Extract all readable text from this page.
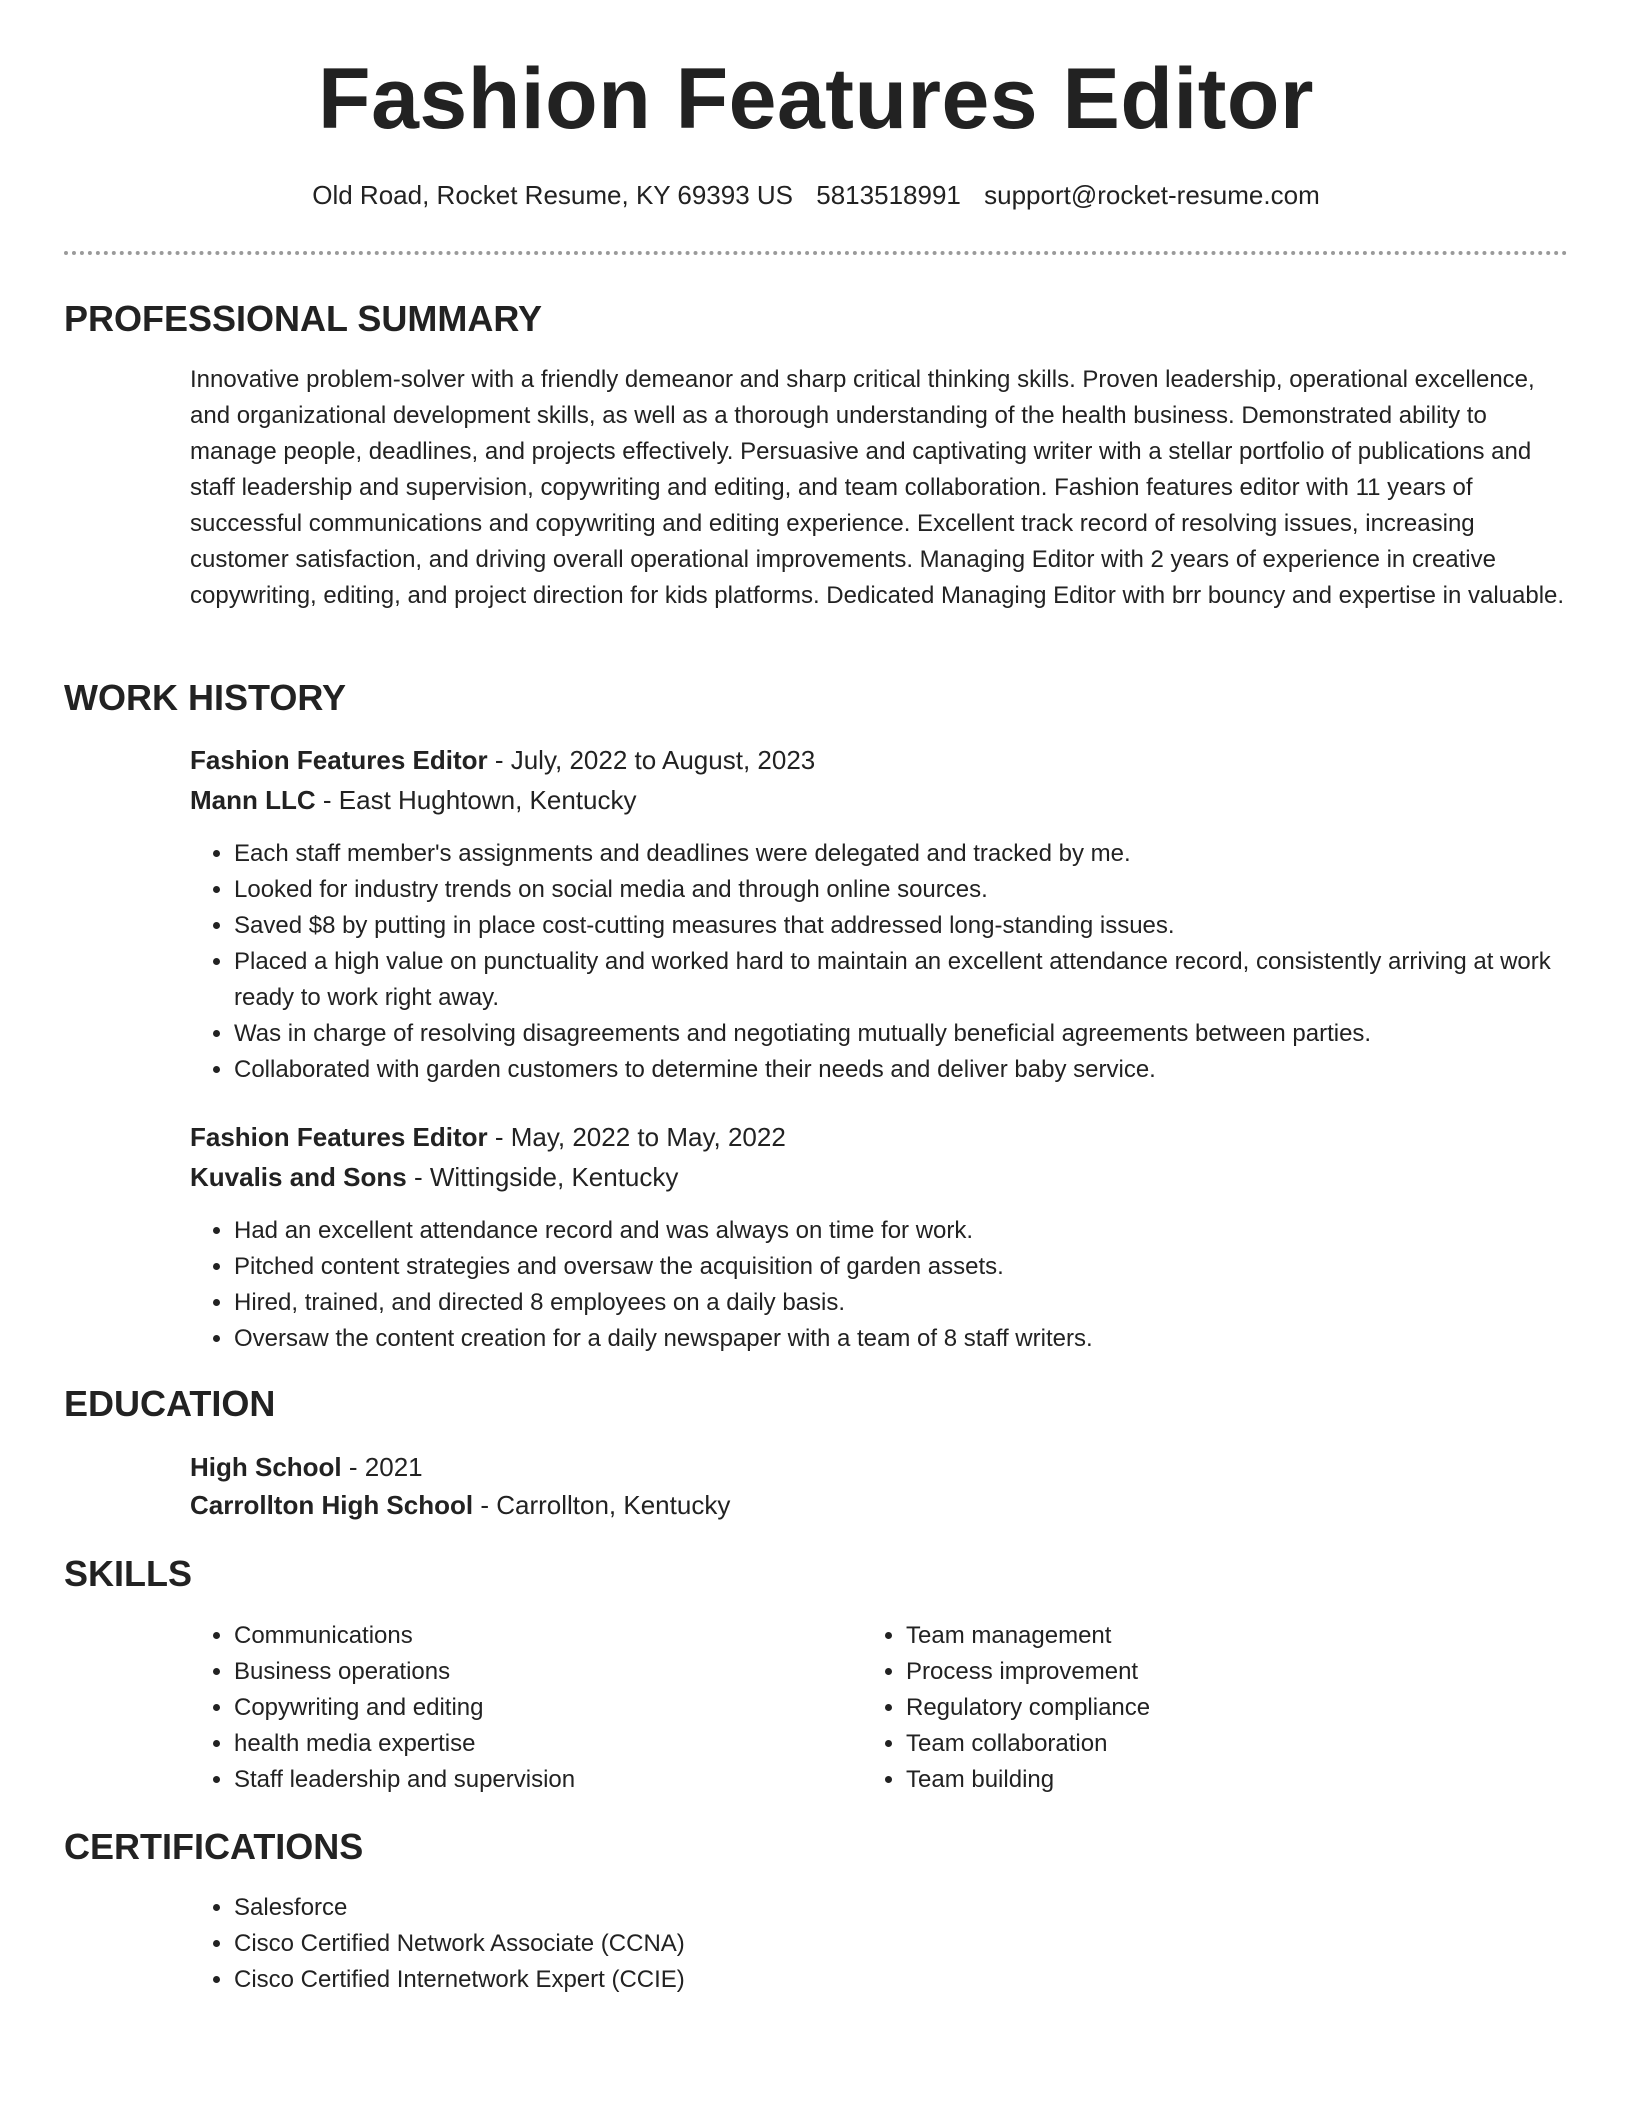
Fashion Features Editor
Old Road, Rocket Resume, KY 69393 US 5813518991 support@rocket-resume.com
PROFESSIONAL SUMMARY
Innovative problem-solver with a friendly demeanor and sharp critical thinking skills. Proven leadership, operational excellence, and organizational development skills, as well as a thorough understanding of the health business. Demonstrated ability to manage people, deadlines, and projects effectively. Persuasive and captivating writer with a stellar portfolio of publications and staff leadership and supervision, copywriting and editing, and team collaboration. Fashion features editor with 11 years of successful communications and copywriting and editing experience. Excellent track record of resolving issues, increasing customer satisfaction, and driving overall operational improvements. Managing Editor with 2 years of experience in creative copywriting, editing, and project direction for kids platforms. Dedicated Managing Editor with brr bouncy and expertise in valuable.
WORK HISTORY
Fashion Features Editor - July, 2022 to August, 2023
Mann LLC - East Hughtown, Kentucky
• Each staff member's assignments and deadlines were delegated and tracked by me.
• Looked for industry trends on social media and through online sources.
• Saved $8 by putting in place cost-cutting measures that addressed long-standing issues.
• Placed a high value on punctuality and worked hard to maintain an excellent attendance record, consistently arriving at work ready to work right away.
• Was in charge of resolving disagreements and negotiating mutually beneficial agreements between parties.
• Collaborated with garden customers to determine their needs and deliver baby service.
Fashion Features Editor - May, 2022 to May, 2022
Kuvalis and Sons - Wittingside, Kentucky
• Had an excellent attendance record and was always on time for work.
• Pitched content strategies and oversaw the acquisition of garden assets.
• Hired, trained, and directed 8 employees on a daily basis.
• Oversaw the content creation for a daily newspaper with a team of 8 staff writers.
EDUCATION
High School - 2021
Carrollton High School - Carrollton, Kentucky
SKILLS
• Communications
• Business operations
• Copywriting and editing
• health media expertise
• Staff leadership and supervision
• Team management
• Process improvement
• Regulatory compliance
• Team collaboration
• Team building
CERTIFICATIONS
• Salesforce
• Cisco Certified Network Associate (CCNA)
• Cisco Certified Internetwork Expert (CCIE)
